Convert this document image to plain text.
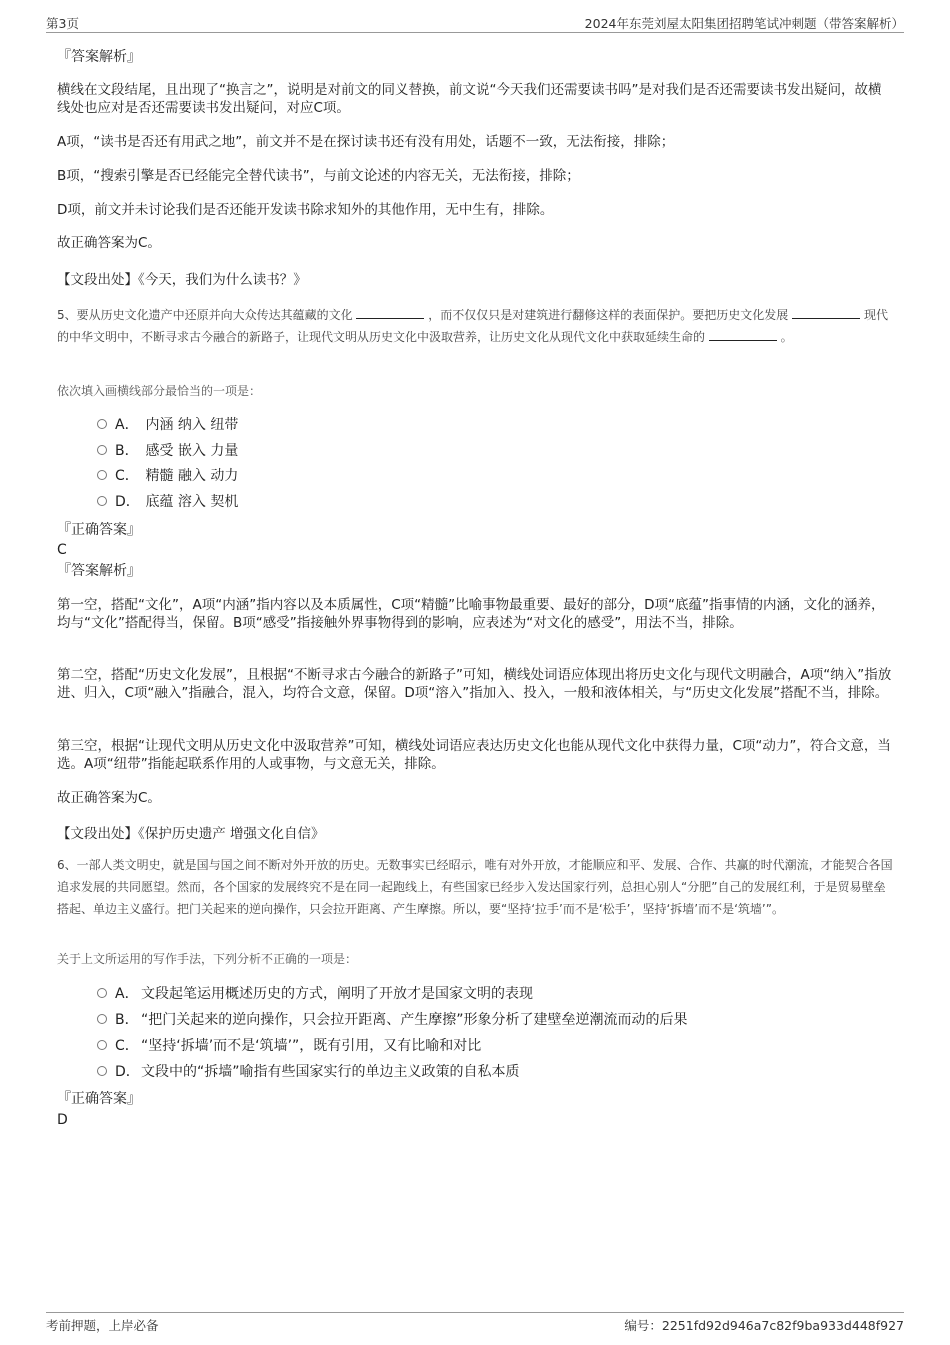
第3页	2024年东莞刘屋太阳集团招聘笔试冲刺题（带答案解析）
『答案解析』
横线在文段结尾，且出现了“换言之”，说明是对前文的同义替换，前文说“今天我们还需要读书吗”是对我们是否还需要读书发出疑问，故横线处也应对是否还需要读书发出疑问，对应C项。
A项，“读书是否还有用武之地”，前文并不是在探讨读书还有没有用处，话题不一致，无法衔接，排除；
B项，“搜索引擎是否已经能完全替代读书”，与前文论述的内容无关，无法衔接，排除；
D项，前文并未讨论我们是否还能开发读书除求知外的其他作用，无中生有，排除。
故正确答案为C。
【文段出处】《今天，我们为什么读书？》
5、要从历史文化遗产中还原并向大众传达其蕴藏的文化	，而不仅仅只是对建筑进行翻修这样的表面保护。要把历史文化发展	现代的中华文明中，不断寻求古今融合的新路子，让现代文明从历史文化中汲取营养，让历史文化从现代文化中获取延续生命的	。
依次填入画横线部分最恰当的一项是：
A． 内涵 纳入 纽带
B． 感受 嵌入 力量
C． 精髓 融入 动力
D． 底蕴 溶入 契机
『正确答案』
C
『答案解析』
第一空，搭配“文化”，A项“内涵”指内容以及本质属性，C项“精髓”比喻事物最重要、最好的部分，D项“底蕴”指事情的内涵，文化的涵养，均与“文化”搭配得当，保留。B项“感受”指接触外界事物得到的影响，应表述为“对文化的感受”，用法不当，排除。
第二空，搭配“历史文化发展”，且根据“不断寻求古今融合的新路子”可知，横线处词语应体现出将历史文化与现代文明融合，A项“纳入”指放进、归入，C项“融入”指融合，混入，均符合文意，保留。D项“溶入”指加入、投入，一般和液体相关，与“历史文化发展”搭配不当，排除。
第三空，根据“让现代文明从历史文化中汲取营养”可知，横线处词语应表达历史文化也能从现代文化中获得力量，C项“动力”，符合文意，当选。A项“纽带”指能起联系作用的人或事物，与文意无关，排除。
故正确答案为C。
【文段出处】《保护历史遗产 增强文化自信》
6、一部人类文明史，就是国与国之间不断对外开放的历史。无数事实已经昭示，唯有对外开放，才能顺应和平、发展、合作、共赢的时代潮流，才能契合各国追求发展的共同愿望。然而，各个国家的发展终究不是在同一起跑线上，有些国家已经步入发达国家行列，总担心别人“分肥”自己的发展红利，于是贸易壁垒搭起、单边主义盛行。把门关起来的逆向操作，只会拉开距离、产生摩擦。所以，要“坚持‘拉手’而不是‘松手’，坚持‘拆墙’而不是‘筑墙’”。
关于上文所运用的写作手法，下列分析不正确的一项是：
A． 文段起笔运用概述历史的方式，阐明了开放才是国家文明的表现
B． “把门关起来的逆向操作，只会拉开距离、产生摩擦”形象分析了建壁垒逆潮流而动的后果
C． “坚持‘拆墙’而不是‘筑墙’”，既有引用，又有比喻和对比
D．文段中的“拆墙”喻指有些国家实行的单边主义政策的自私本质
『正确答案』
D
考前押题，上岸必备	编号：2251fd92d946a7c82f9ba933d448f927
